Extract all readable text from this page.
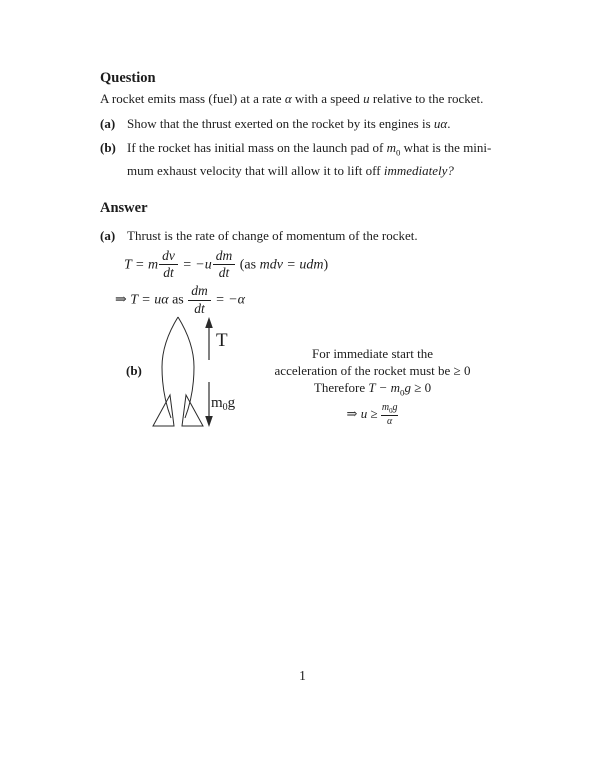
Question
A rocket emits mass (fuel) at a rate α with a speed u relative to the rocket.
(a) Show that the thrust exerted on the rocket by its engines is uα.
(b) If the rocket has initial mass on the launch pad of $m_0$ what is the mini-
mum exhaust velocity that will allow it to lift off immediately?
Answer
(a) Thrust is the rate of change of momentum of the rocket.
T = m $\frac{dv}{dt} = -u \frac{dm}{dt} (as$ mdv = udm)
⇒ T = uα as $\frac{dm}{dt} = -\alpha$
(b)
T
$m_0g$
For immediate start the
acceleration of the rocket must be ≥ 0
Therefore $T - m_0g \ge 0$
⇒ $u \ge \frac{m_0g}{\alpha}$
1
